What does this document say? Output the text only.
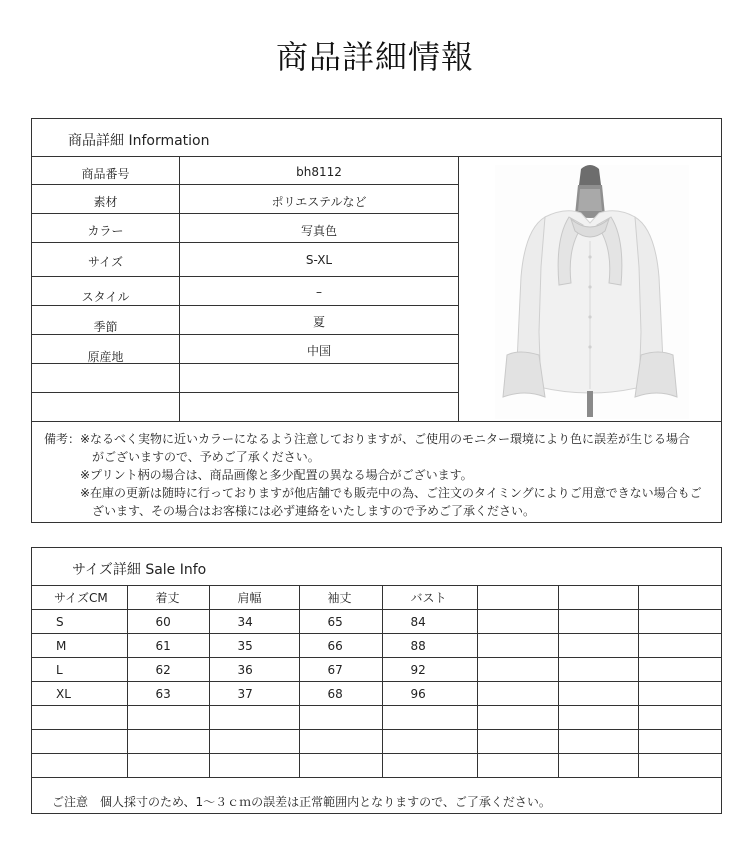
商品詳細情報
商品詳細 Information
商品番号	bh8112
素材	ポリエステルなど
カラー	写真色
サイズ	S-XL
スタイル	–
季節	夏
原産地	中国
備考： ※なるべく実物に近いカラーになるよう注意しておりますが、ご使用のモニター環境により色に誤差が生じる場合
がございますので、予めご了承ください。
※プリント柄の場合は、商品画像と多少配置の異なる場合がございます。
※在庫の更新は随時に行っておりますが他店舗でも販売中の為、ご注文のタイミングによりご用意できない場合もご
ざいます、その場合はお客様には必ず連絡をいたしますので予めご了承ください。
サイズ詳細 Sale Info
サイズCM	着丈	肩幅	袖丈	バスト			
S	60	34	65	84			
M	61	35	66	88			
L	62	36	67	92			
XL	63	37	68	96			

ご注意　個人採寸のため、1～３ｃｍの誤差は正常範囲内となりますので、ご了承ください。
